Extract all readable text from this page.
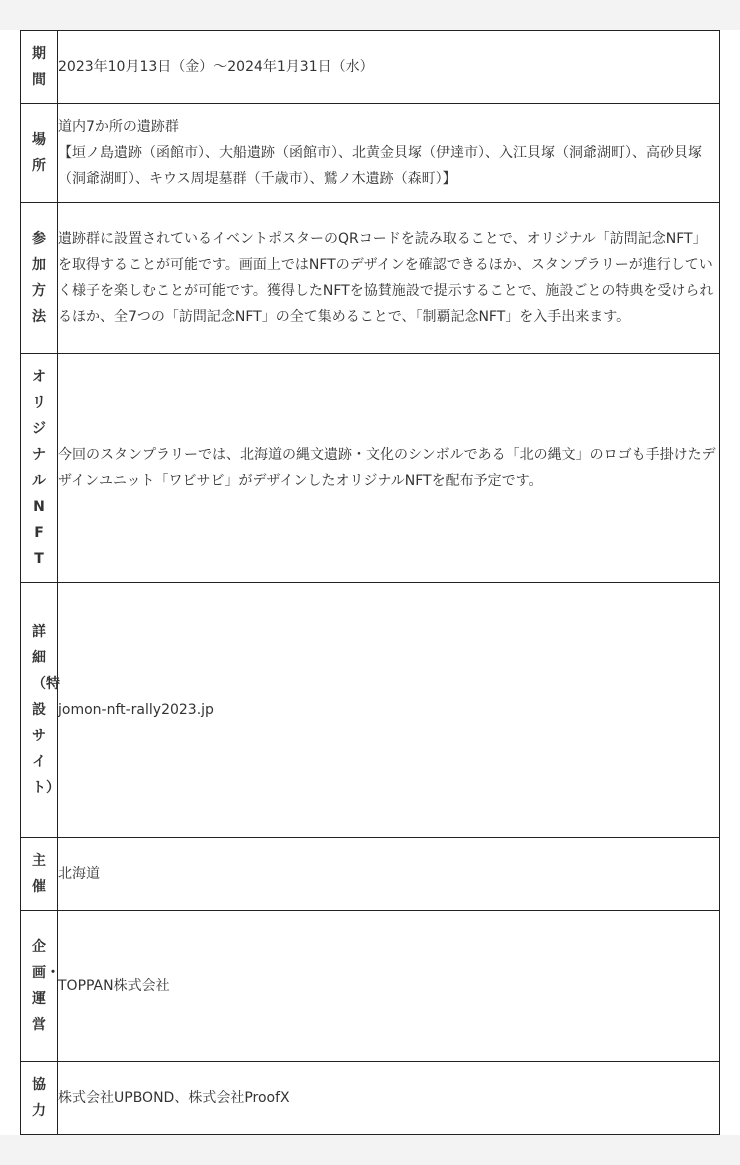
期間	2023年10月13日（金）〜2024年1月31日（水）

場所	道内7か所の遺跡群

【垣ノ島遺跡（函館市）、大船遺跡（函館市）、北黄金貝塚（伊達市）、入江貝塚（洞爺湖町）、高砂貝塚（洞爺湖町）、キウス周堤墓群（千歳市）、鷲ノ木遺跡（森町）】

参加方法	遺跡群に設置されているイベントポスターのQRコードを読み取ることで、オリジナル「訪問記念NFT」を取得することが可能です。画面上ではNFTのデザインを確認できるほか、スタンプラリーが進行していく様子を楽しむことが可能です。獲得したNFTを協賛施設で提示することで、施設ごとの特典を受けられるほか、全7つの「訪問記念NFT」の全て集めることで、「制覇記念NFT」を入手出来ます。

オリジナルNFT	今回のスタンプラリーでは、北海道の縄文遺跡・文化のシンボルである「北の縄文」のロゴも手掛けたデザインユニット「ワビサビ」がデザインしたオリジナルNFTを配布予定です。

詳細（特設サイト）	jomon-nft-rally2023.jp

主催	北海道

企画・運営	TOPPAN株式会社

協力	株式会社UPBOND、株式会社ProofX
